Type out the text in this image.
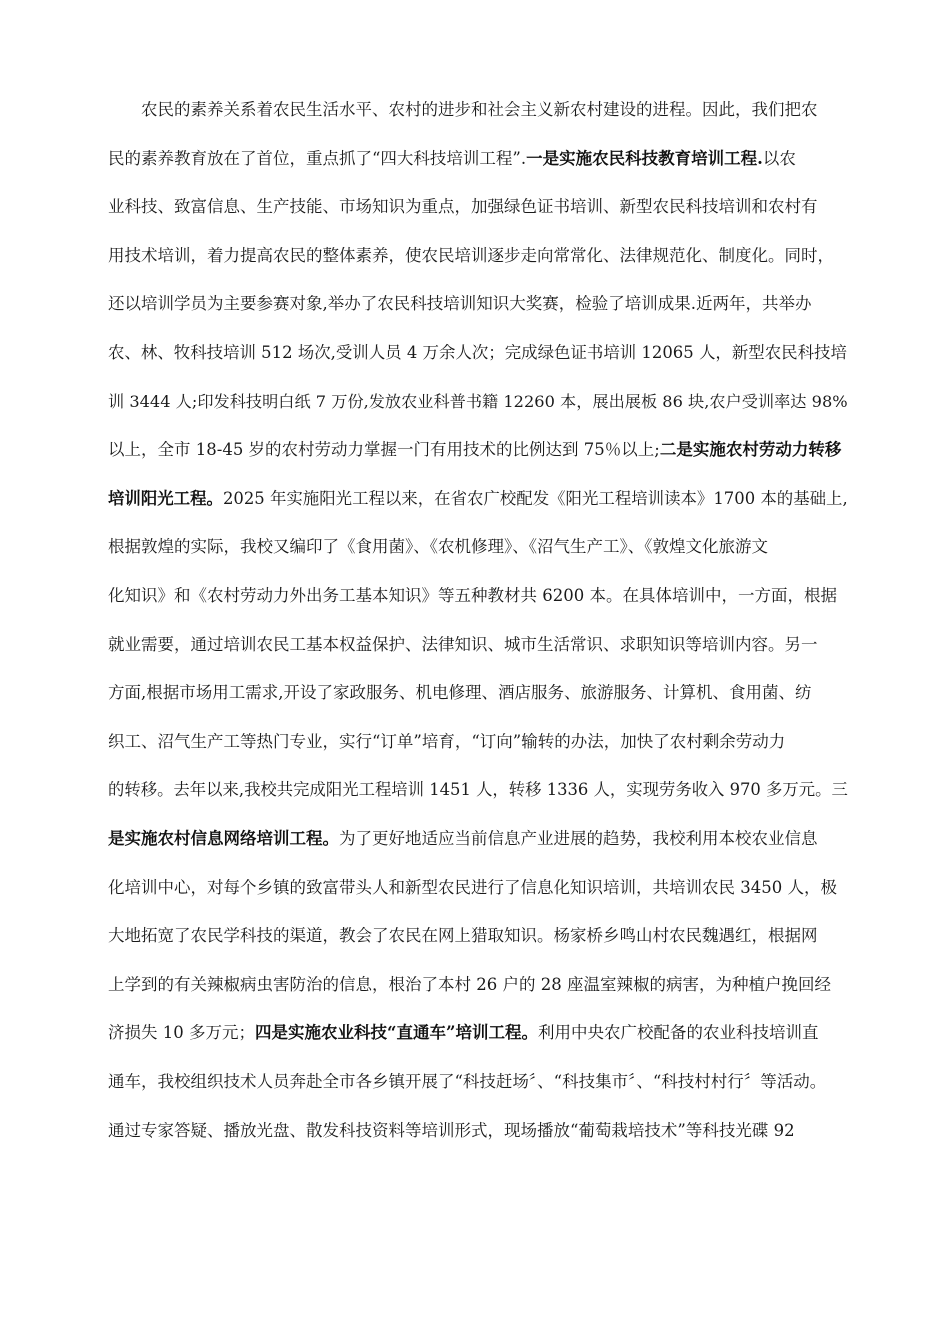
　　农民的素养关系着农民生活水平、农村的进步和社会主义新农村建设的进程。因此，我们把农
民的素养教育放在了首位，重点抓了“四大科技培训工程”.一是实施农民科技教育培训工程.以农
业科技、致富信息、生产技能、市场知识为重点，加强绿色证书培训、新型农民科技培训和农村有
用技术培训，着力提高农民的整体素养，使农民培训逐步走向常常化、法律规范化、制度化。同时，
还以培训学员为主要参赛对象,举办了农民科技培训知识大奖赛，检验了培训成果.近两年，共举办
农、林、牧科技培训 512 场次,受训人员 4 万余人次；完成绿色证书培训 12065 人，新型农民科技培
训 3444 人;印发科技明白纸 7 万份,发放农业科普书籍 12260 本，展出展板 86 块,农户受训率达 98%
以上，全市 18-45 岁的农村劳动力掌握一门有用技术的比例达到 75％以上;二是实施农村劳动力转移
培训阳光工程。2025 年实施阳光工程以来，在省农广校配发《阳光工程培训读本》1700 本的基础上,
根据敦煌的实际，我校又编印了《食用菌》、《农机修理》、《沼气生产工》、《敦煌文化旅游文
化知识》和《农村劳动力外出务工基本知识》等五种教材共 6200 本。在具体培训中，一方面，根据
就业需要，通过培训农民工基本权益保护、法律知识、城市生活常识、求职知识等培训内容。另一
方面,根据市场用工需求,开设了家政服务、机电修理、酒店服务、旅游服务、计算机、食用菌、纺
织工、沼气生产工等热门专业，实行“订单”培育，“订向”输转的办法，加快了农村剩余劳动力
的转移。去年以来,我校共完成阳光工程培训 1451 人，转移 1336 人，实现劳务收入 970 多万元。三
是实施农村信息网络培训工程。为了更好地适应当前信息产业进展的趋势，我校利用本校农业信息
化培训中心，对每个乡镇的致富带头人和新型农民进行了信息化知识培训，共培训农民 3450 人，极
大地拓宽了农民学科技的渠道，教会了农民在网上猎取知识。杨家桥乡鸣山村农民魏遇红，根据网
上学到的有关辣椒病虫害防治的信息，根治了本村 26 户的 28 座温室辣椒的病害，为种植户挽回经
济损失 10 多万元；四是实施农业科技“直通车”培训工程。利用中央农广校配备的农业科技培训直
通车，我校组织技术人员奔赴全市各乡镇开展了“科技赶场〞、“科技集市〞、“科技村村行〞等活动。
通过专家答疑、播放光盘、散发科技资料等培训形式，现场播放“葡萄栽培技术”等科技光碟 92
